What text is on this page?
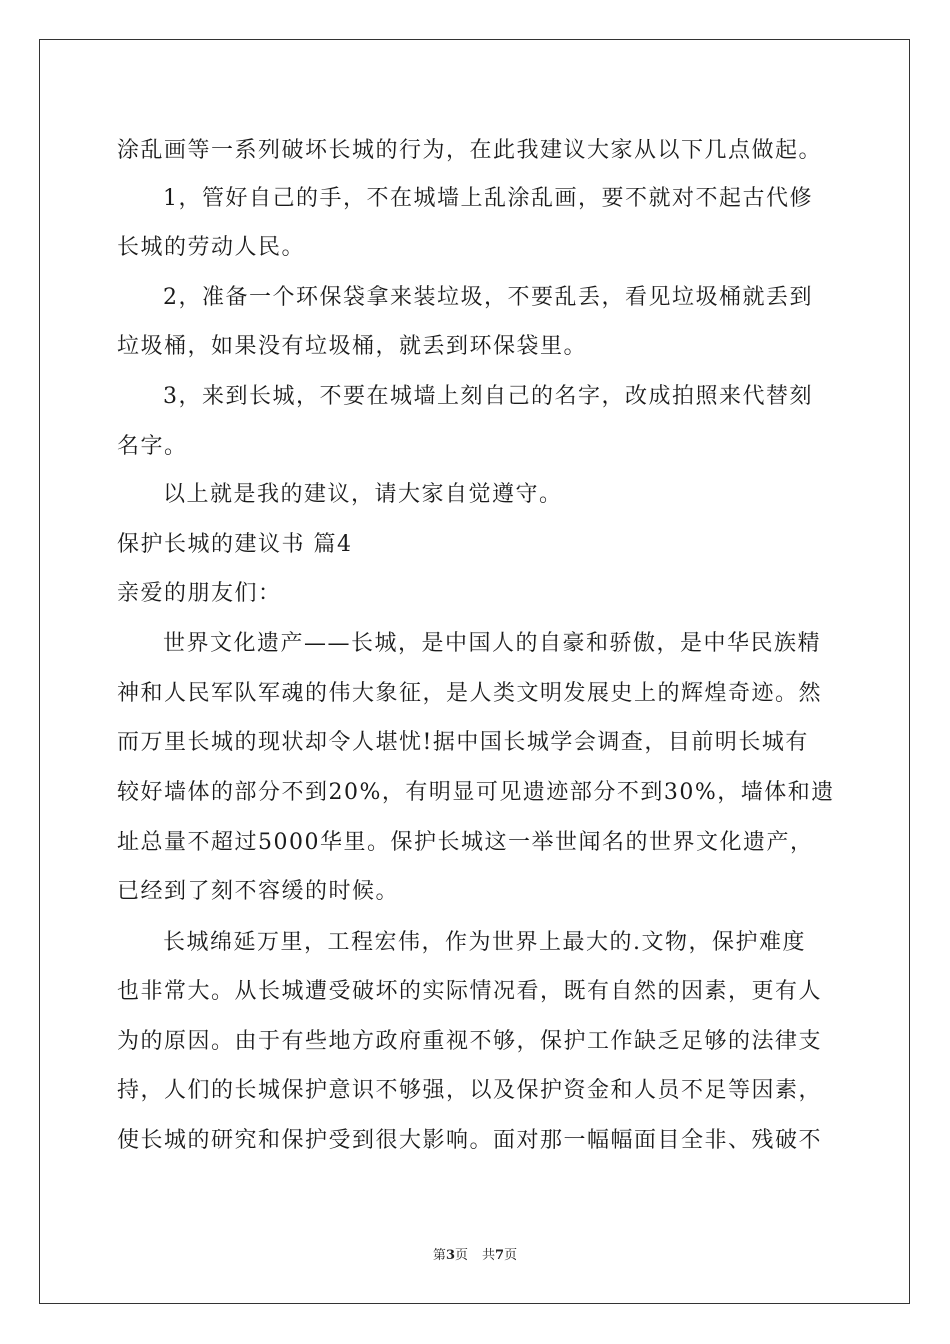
涂乱画等一系列破坏长城的行为，在此我建议大家从以下几点做起。
1，管好自己的手，不在城墙上乱涂乱画，要不就对不起古代修
长城的劳动人民。
2，准备一个环保袋拿来装垃圾，不要乱丢，看见垃圾桶就丢到
垃圾桶，如果没有垃圾桶，就丢到环保袋里。
3，来到长城，不要在城墙上刻自己的名字，改成拍照来代替刻
名字。
以上就是我的建议，请大家自觉遵守。
保护长城的建议书 篇4
亲爱的朋友们：
世界文化遗产——长城，是中国人的自豪和骄傲，是中华民族精
神和人民军队军魂的伟大象征，是人类文明发展史上的辉煌奇迹。然
而万里长城的现状却令人堪忧!据中国长城学会调查，目前明长城有
较好墙体的部分不到20%，有明显可见遗迹部分不到30%，墙体和遗
址总量不超过5000华里。保护长城这一举世闻名的世界文化遗产，
已经到了刻不容缓的时候。
长城绵延万里，工程宏伟，作为世界上最大的.文物，保护难度
也非常大。从长城遭受破坏的实际情况看，既有自然的因素，更有人
为的原因。由于有些地方政府重视不够，保护工作缺乏足够的法律支
持，人们的长城保护意识不够强，以及保护资金和人员不足等因素，
使长城的研究和保护受到很大影响。面对那一幅幅面目全非、残破不
第3页 共7页
